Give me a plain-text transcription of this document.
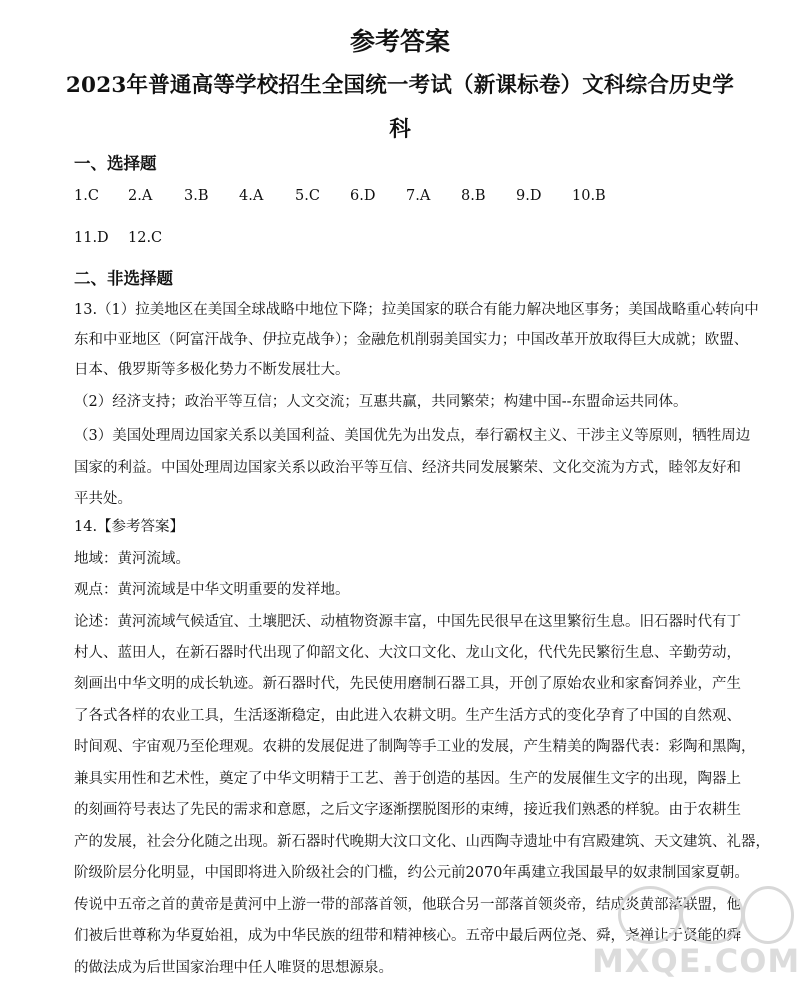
参考答案
2023年普通高等学校招生全国统一考试（新课标卷）文科综合历史学
科
一、选择题
1.C 2.A 3.B 4.A 5.C 6.D 7.A 8.B 9.D 10.B
11.D 12.C
二、非选择题
13.（1）拉美地区在美国全球战略中地位下降；拉美国家的联合有能力解决地区事务；美国战略重心转向中
东和中亚地区（阿富汗战争、伊拉克战争）；金融危机削弱美国实力；中国改革开放取得巨大成就；欧盟、
日本、俄罗斯等多极化势力不断发展壮大。
（2）经济支持；政治平等互信；人文交流；互惠共赢，共同繁荣；构建中国--东盟命运共同体。
（3）美国处理周边国家关系以美国利益、美国优先为出发点，奉行霸权主义、干涉主义等原则，牺牲周边
国家的利益。中国处理周边国家关系以政治平等互信、经济共同发展繁荣、文化交流为方式，睦邻友好和
平共处。
14.【参考答案】
地域：黄河流域。
观点：黄河流域是中华文明重要的发祥地。
论述：黄河流域气候适宜、土壤肥沃、动植物资源丰富，中国先民很早在这里繁衍生息。旧石器时代有丁
村人、蓝田人，在新石器时代出现了仰韶文化、大汶口文化、龙山文化，代代先民繁衍生息、辛勤劳动，
刻画出中华文明的成长轨迹。新石器时代，先民使用磨制石器工具，开创了原始农业和家畜饲养业，产生
了各式各样的农业工具，生活逐渐稳定，由此进入农耕文明。生产生活方式的变化孕育了中国的自然观、
时间观、宇宙观乃至伦理观。农耕的发展促进了制陶等手工业的发展，产生精美的陶器代表：彩陶和黑陶，
兼具实用性和艺术性，奠定了中华文明精于工艺、善于创造的基因。生产的发展催生文字的出现，陶器上
的刻画符号表达了先民的需求和意愿，之后文字逐渐摆脱图形的束缚，接近我们熟悉的样貌。由于农耕生
产的发展，社会分化随之出现。新石器时代晚期大汶口文化、山西陶寺遗址中有宫殿建筑、天文建筑、礼器，
阶级阶层分化明显，中国即将进入阶级社会的门槛，约公元前2070年禹建立我国最早的奴隶制国家夏朝。
传说中五帝之首的黄帝是黄河中上游一带的部落首领，他联合另一部落首领炎帝，结成炎黄部落联盟，他
们被后世尊称为华夏始祖，成为中华民族的纽带和精神核心。五帝中最后两位尧、舜，尧禅让于贤能的舜
的做法成为后世国家治理中任人唯贤的思想源泉。	MXQE.COM
